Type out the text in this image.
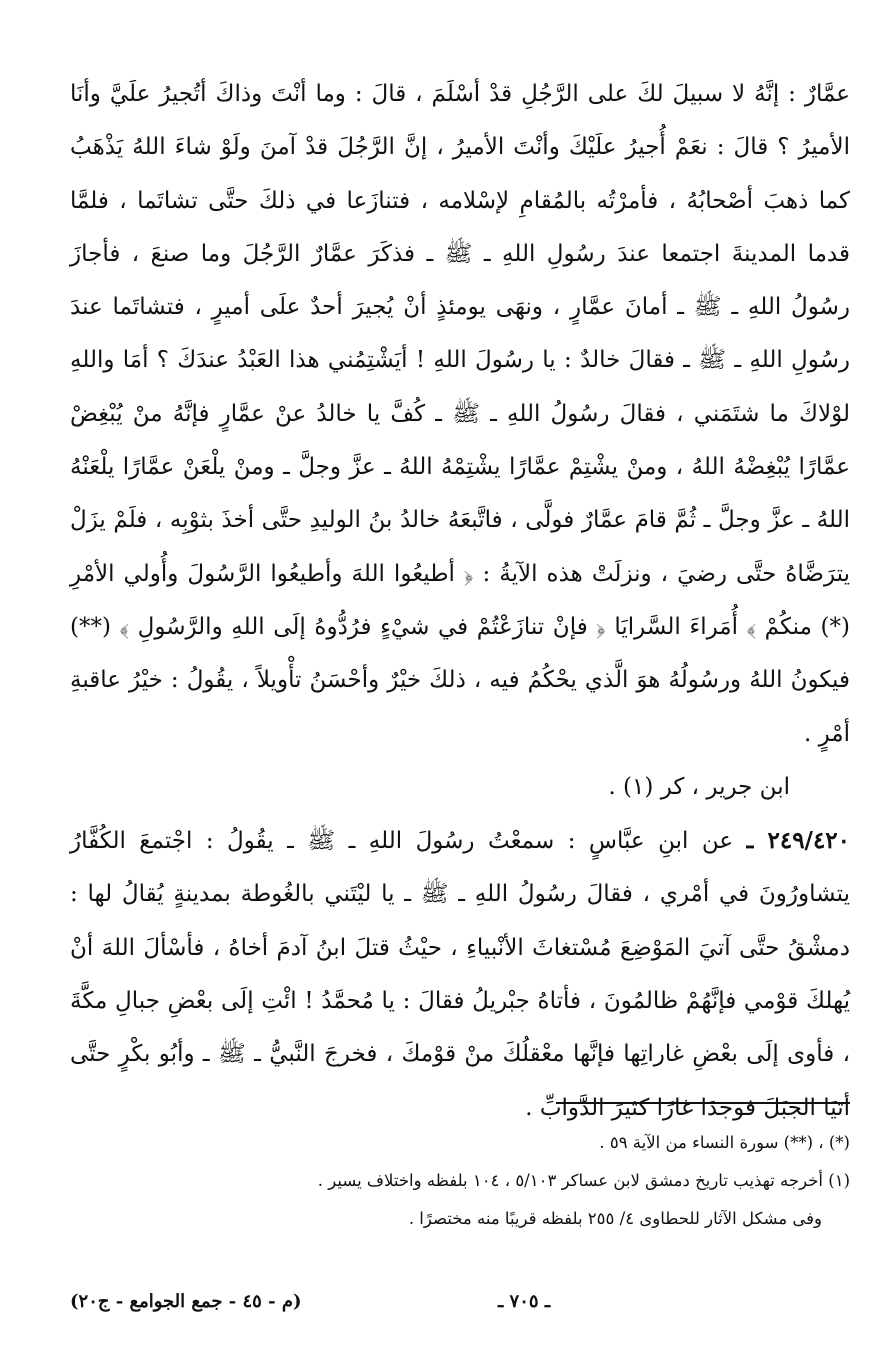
عمَّارٌ : إنَّهُ لا سبيلَ لكَ على الرَّجُلِ قدْ أسْلَمَ ، قالَ : وما أنْتَ وذاكَ أتُجيرُ علَيَّ وأنَا الأميرُ ؟ قالَ : نعَمْ أُجيرُ علَيْكَ وأنْتَ الأميرُ ، إنَّ الرَّجُلَ قدْ آمنَ ولَوْ شاءَ اللهُ يَذْهَبُ كما ذهبَ أصْحابُهُ ، فأمرْتُه بالمُقامِ لإسْلامه ، فتنازَعا في ذلكَ حتَّى تشاتَما ، فلمَّا قدما المدينةَ اجتمعا عندَ رسُولِ اللهِ ـ ﷺ ـ فذكَرَ عمَّارٌ الرَّجُلَ وما صنعَ ، فأجازَ رسُولُ اللهِ ـ ﷺ ـ أمانَ عمَّارٍ ، ونهَى يومئذٍ أنْ يُجيرَ أحدٌ علَى أميرٍ ، فتشاتَما عندَ رسُولِ اللهِ ـ ﷺ ـ فقالَ خالدٌ : يا رسُولَ اللهِ ! أيَشْتِمُني هذا العَبْدُ عندَكَ ؟ أمَا واللهِ لوْلاكَ ما شتَمَني ، فقالَ رسُولُ اللهِ ـ ﷺ ـ كُفَّ يا خالدُ عنْ عمَّارٍ فإنَّهُ منْ يُبْغِضْ عمَّارًا يُبْغِضْهُ اللهُ ، ومنْ يشْتِمْ عمَّارًا يشْتِمْهُ اللهُ ـ عزَّ وجلَّ ـ ومنْ يلْعَنْ عمَّارًا يلْعَنْهُ اللهُ ـ عزَّ وجلَّ ـ ثُمَّ قامَ عمَّارٌ فولَّى ، فاتَّبعَهُ خالدُ بنُ الوليدِ حتَّى أخذَ بثوْبِه ، فلَمْ يزَلْ يترَضَّاهُ حتَّى رضيَ ، ونزلَتْ هذه الآيةُ : ﴿ أطيعُوا اللهَ وأطيعُوا الرَّسُولَ وأُولي الأمْرِ (*) منكُمْ ﴾ أُمَراءَ السَّرايَا ﴿ فإنْ تنازَعْتُمْ في شيْءٍ فرُدُّوهُ إلَى اللهِ والرَّسُولِ ﴾ (**) فيكونُ اللهُ ورسُولُهُ هوَ الَّذي يحْكُمُ فيه ، ذلكَ خيْرٌ وأحْسَنُ تأْويلاً ، يقُولُ : خيْرُ عاقبةِ أمْرٍ .

ابن جرير ، كر (١) .

٢٤٩/٤٢٠ ـ عن ابنِ عبَّاسٍ : سمعْتُ رسُولَ اللهِ ـ ﷺ ـ يقُولُ : اجْتمعَ الكُفَّارُ يتشاورُونَ في أمْري ، فقالَ رسُولُ اللهِ ـ ﷺ ـ يا ليْتَني بالغُوطة بمدينةٍ يُقالُ لها : دمشْقُ حتَّى آتيَ المَوْضِعَ مُسْتغاثَ الأنْبياءِ ، حيْثُ قتلَ ابنُ آدمَ أخاهُ ، فأسْألَ اللهَ أنْ يُهلكَ قوْمي فإنَّهُمْ ظالمُونَ ، فأتاهُ جبْريلُ فقالَ : يا مُحمَّدُ ! ائْتِ إلَى بعْضِ جبالِ مكَّةَ ، فأوى إلَى بعْضِ غاراتِها فإنَّها معْقلُكَ منْ قوْمكَ ، فخرجَ النَّبيُّ ـ ﷺ ـ وأبُو بكْرٍ حتَّى أتيَا الجبَلَ فوجدَا غارًا كثيرَ الدَّوابِّ .

(*) ، (**) سورة النساء من الآية ٥٩ .

(١) أخرجه تهذيب تاريخ دمشق لابن عساكر ٥/١٠٣ ، ١٠٤ بلفظه واختلاف يسير .

وفى مشكل الآثار للحطاوى ٤/ ٢٥٥ بلفظه قريبًا منه مختصرًا .

ـ ٧٠٥ ـ
(م - ٤٥ - جمع الجوامع - ج٢٠)
